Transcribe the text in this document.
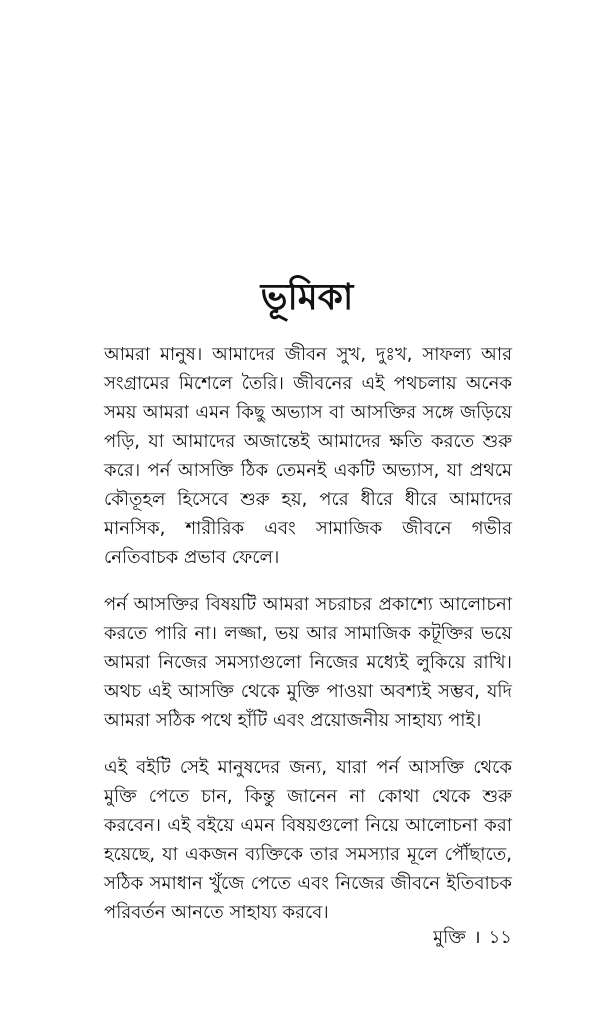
ভূমিকা

আমরা মানুষ। আমাদের জীবন সুখ, দুঃখ, সাফল্য আর সংগ্রামের মিশেলে তৈরি। জীবনের এই পথচলায় অনেক সময় আমরা এমন কিছু অভ্যাস বা আসক্তির সঙ্গে জড়িয়ে পড়ি, যা আমাদের অজান্তেই আমাদের ক্ষতি করতে শুরু করে। পর্ন আসক্তি ঠিক তেমনই একটি অভ্যাস, যা প্রথমে কৌতূহল হিসেবে শুরু হয়, পরে ধীরে ধীরে আমাদের মানসিক, শারীরিক এবং সামাজিক জীবনে গভীর নেতিবাচক প্রভাব ফেলে।

পর্ন আসক্তির বিষয়টি আমরা সচরাচর প্রকাশ্যে আলোচনা করতে পারি না। লজ্জা, ভয় আর সামাজিক কটূক্তির ভয়ে আমরা নিজের সমস্যাগুলো নিজের মধ্যেই লুকিয়ে রাখি। অথচ এই আসক্তি থেকে মুক্তি পাওয়া অবশ্যই সম্ভব, যদি আমরা সঠিক পথে হাঁটি এবং প্রয়োজনীয় সাহায্য পাই।

এই বইটি সেই মানুষদের জন্য, যারা পর্ন আসক্তি থেকে মুক্তি পেতে চান, কিন্তু জানেন না কোথা থেকে শুরু করবেন। এই বইয়ে এমন বিষয়গুলো নিয়ে আলোচনা করা হয়েছে, যা একজন ব্যক্তিকে তার সমস্যার মূলে পৌঁছাতে, সঠিক সমাধান খুঁজে পেতে এবং নিজের জীবনে ইতিবাচক পরিবর্তন আনতে সাহায্য করবে।

মুক্তি । ১১
